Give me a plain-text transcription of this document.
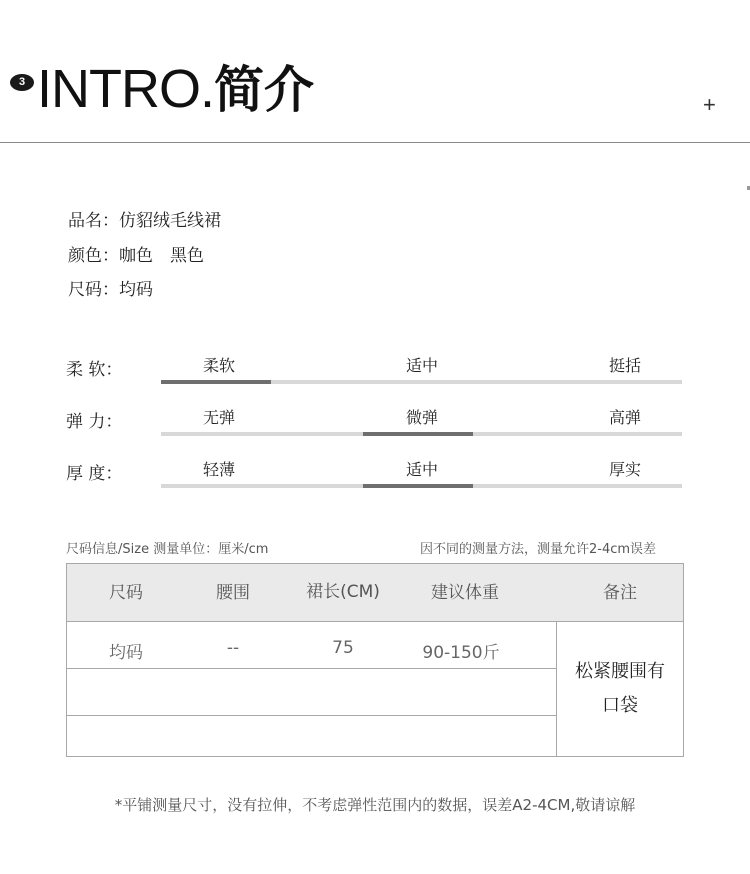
3 INTRO.简介	+
品名：仿貂绒毛线裙
颜色：咖色　黑色
尺码：均码
柔 软：	柔软	适中	挺括
弹 力：	无弹	微弹	高弹
厚 度：	轻薄	适中	厚实
尺码信息/Size 测量单位：厘米/cm	因不同的测量方法，测量允许2-4cm误差
尺码	腰围	裙长(CM)	建议体重	备注
均码	--	75	90-150斤
松紧腰围有口袋
*平铺测量尺寸，没有拉伸，不考虑弹性范围内的数据，误差A2-4CM,敬请谅解
